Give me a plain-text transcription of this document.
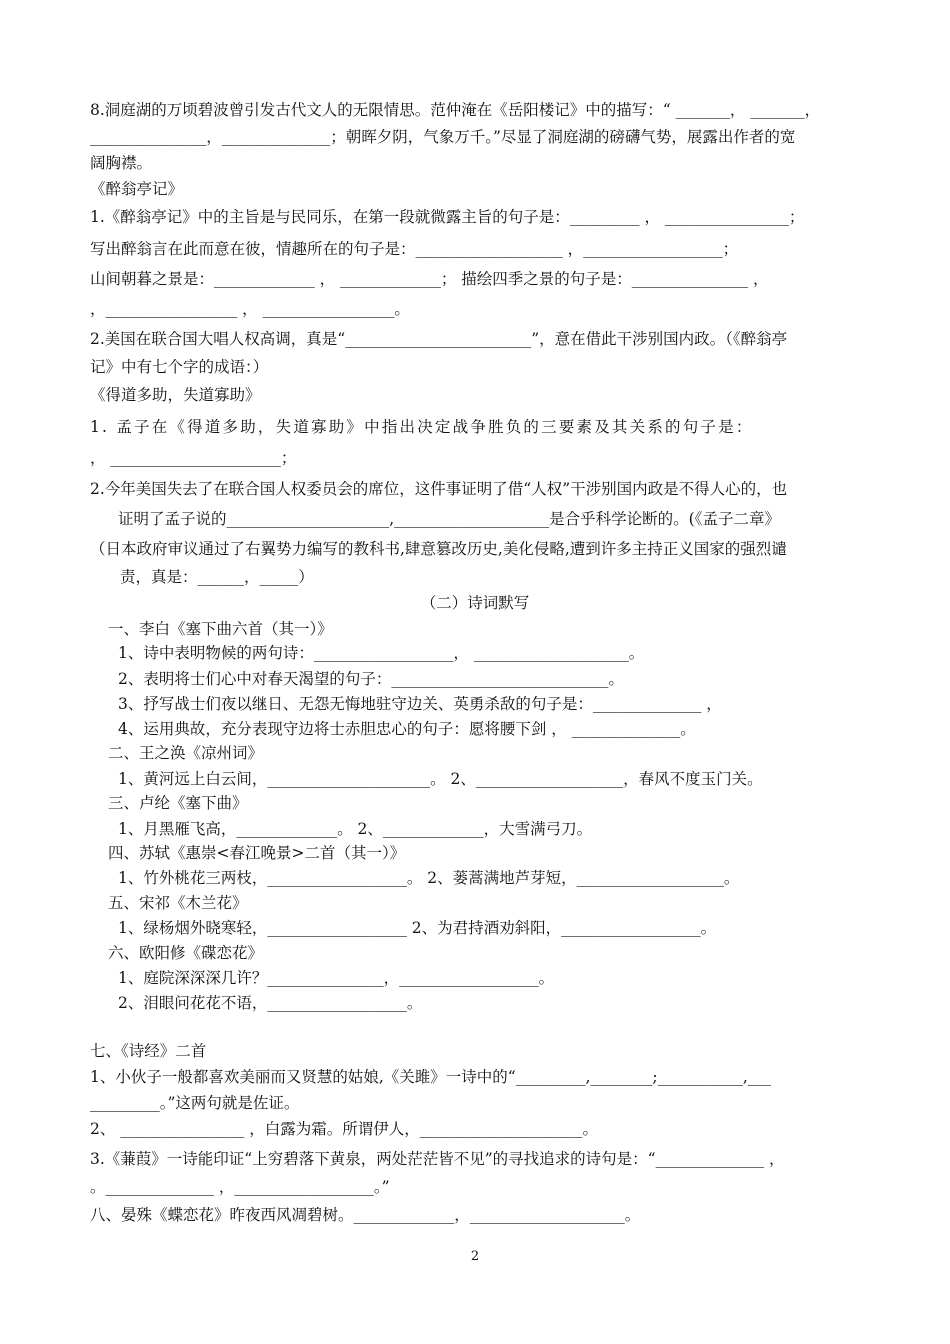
8.洞庭湖的万顷碧波曾引发古代文人的无限情思。范仲淹在《岳阳楼记》中的描写：“ _______， _______，
_______________，______________；朝晖夕阴，气象万千。”尽显了洞庭湖的磅礴气势，展露出作者的宽
阔胸襟。
《醉翁亭记》
1.《醉翁亭记》中的主旨是与民同乐，在第一段就微露主旨的句子是：_________ ， ________________；
写出醉翁言在此而意在彼，情趣所在的句子是：___________________ ，__________________；
山间朝暮之景是：_____________ ， _____________； 描绘四季之景的句子是：_______________ ，
，_________________ ， _________________。
2.美国在联合国大唱人权高调，真是“________________________”，意在借此干涉别国内政。（《醉翁亭
记》中有七个字的成语：）
《得道多助，失道寡助》
1. 孟子在《得道多助，失道寡助》中指出决定战争胜负的三要素及其关系的句子是：
， ______________________；
2.今年美国失去了在联合国人权委员会的席位，这件事证明了借“人权”干涉别国内政是不得人心的，也
证明了孟子说的_____________________,____________________是合乎科学论断的。(《孟子二章》
（日本政府审议通过了右翼势力编写的教科书,肆意篡改历史,美化侵略,遭到许多主持正义国家的强烈谴
责，真是：______，_____）
（二）诗词默写
一、李白《塞下曲六首（其一）》
1、诗中表明物候的两句诗：__________________， ____________________。
2、表明将士们心中对春天渴望的句子：____________________________。
3、抒写战士们夜以继日、无怨无悔地驻守边关、英勇杀敌的句子是：______________ ，
4、运用典故，充分表现守边将士赤胆忠心的句子：愿将腰下剑 ， ______________。
二、王之涣《凉州词》
1、黄河远上白云间，_____________________。 2、___________________，春风不度玉门关。
三、卢纶《塞下曲》
1、月黑雁飞高，_____________。 2、_____________，大雪满弓刀。
四、苏轼《惠崇<春江晚景>二首（其一）》
1、竹外桃花三两枝，__________________。 2、蒌蒿满地芦芽短，___________________。
五、宋祁《木兰花》
1、绿杨烟外晓寒轻，__________________ 2、为君持酒劝斜阳，__________________。
六、欧阳修《碟恋花》
1、庭院深深深几许？_______________，__________________。
2、泪眼问花花不语，__________________。
七、《诗经》二首
1、小伙子一般都喜欢美丽而又贤慧的姑娘,《关雎》一诗中的“_________,________;___________,___
_________。”这两句就是佐证。
2、 ________________ ，白露为霜。所谓伊人，_____________________。
3.《蒹葭》一诗能印证“上穷碧落下黄泉，两处茫茫皆不见”的寻找追求的诗句是：“______________ ，
。______________ ，__________________。”
八、晏殊《蝶恋花》昨夜西风凋碧树。_____________，____________________。
2
